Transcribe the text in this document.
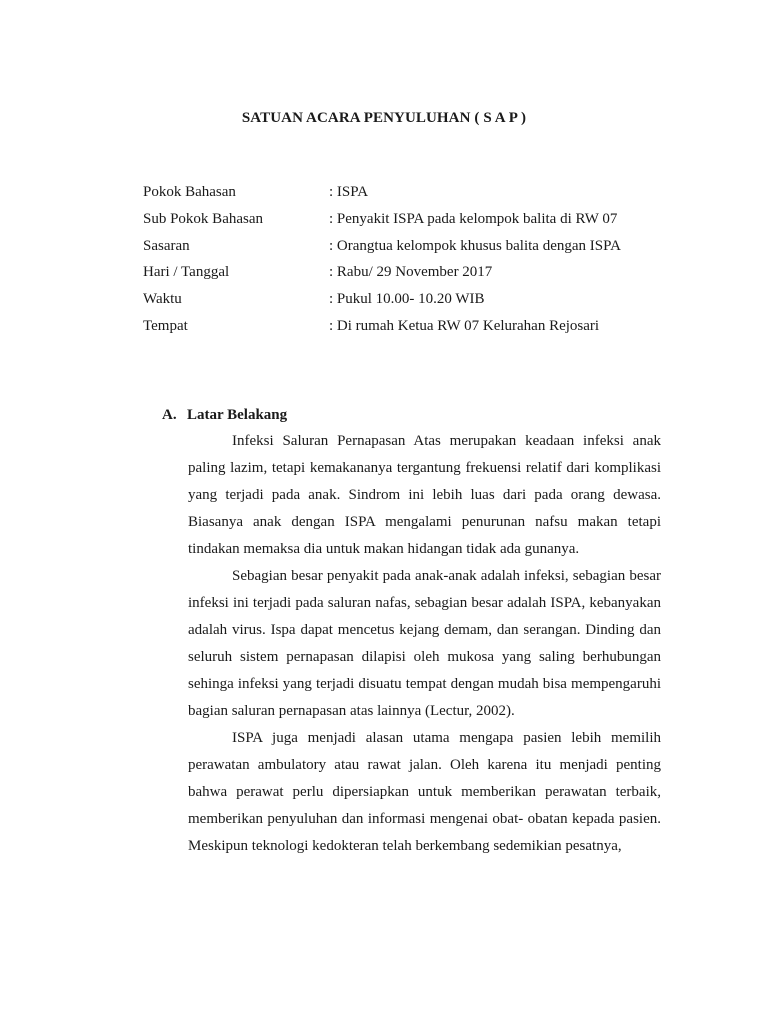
SATUAN ACARA PENYULUHAN ( S A P )
Pokok Bahasan	: ISPA
Sub Pokok Bahasan	: Penyakit ISPA pada kelompok balita di RW 07
Sasaran	: Orangtua kelompok khusus balita dengan ISPA
Hari / Tanggal	: Rabu/ 29 November 2017
Waktu	: Pukul 10.00- 10.20 WIB
Tempat	: Di rumah Ketua RW 07 Kelurahan Rejosari
A. Latar Belakang

Infeksi Saluran Pernapasan Atas merupakan keadaan infeksi anak paling lazim, tetapi kemakananya tergantung frekuensi relatif dari komplikasi yang terjadi pada anak. Sindrom ini lebih luas dari pada orang dewasa. Biasanya anak dengan ISPA mengalami penurunan nafsu makan tetapi tindakan memaksa dia untuk makan hidangan tidak ada gunanya.

Sebagian besar penyakit pada anak-anak adalah infeksi, sebagian besar infeksi ini terjadi pada saluran nafas, sebagian besar adalah ISPA, kebanyakan adalah virus. Ispa dapat mencetus kejang demam, dan serangan. Dinding dan seluruh sistem pernapasan dilapisi oleh mukosa yang saling berhubungan sehinga infeksi yang terjadi disuatu tempat dengan mudah bisa mempengaruhi bagian saluran pernapasan atas lainnya (Lectur, 2002).

ISPA juga menjadi alasan utama mengapa pasien lebih memilih perawatan ambulatory atau rawat jalan. Oleh karena itu menjadi penting bahwa perawat perlu dipersiapkan untuk memberikan perawatan terbaik, memberikan penyuluhan dan informasi mengenai obat- obatan kepada pasien. Meskipun teknologi kedokteran telah berkembang sedemikian pesatnya,
